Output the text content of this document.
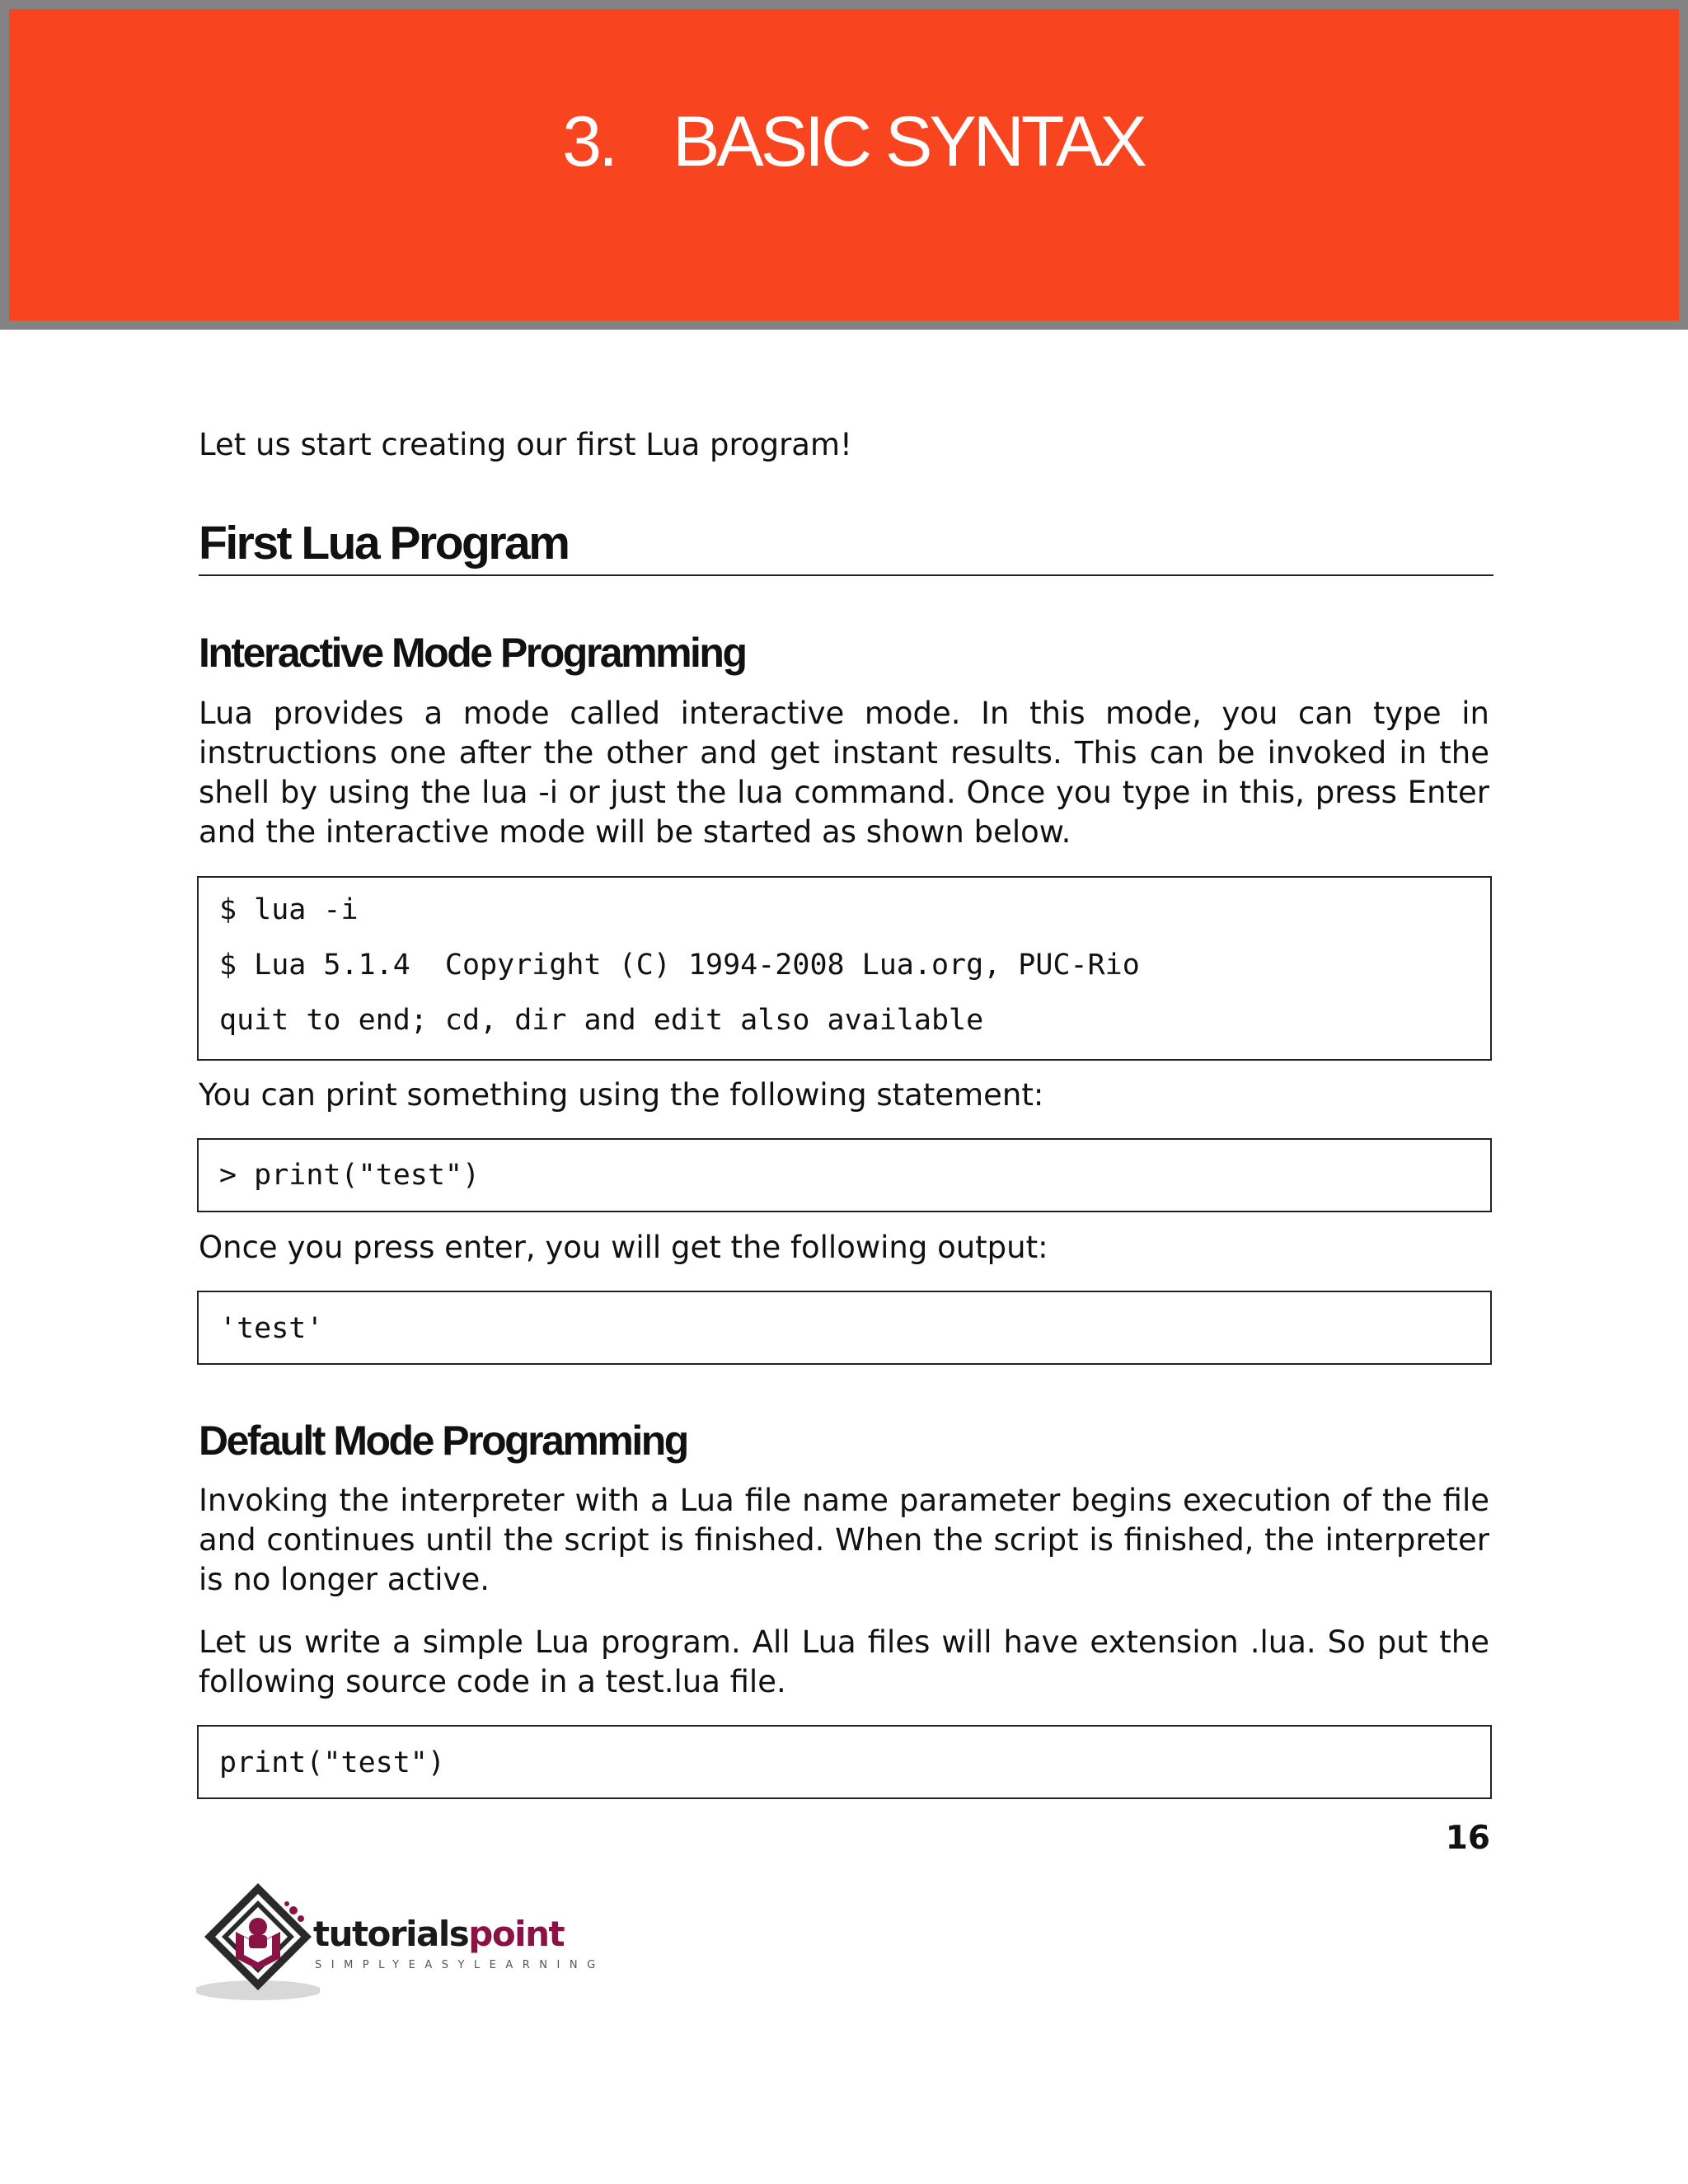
3. BASIC SYNTAX

Let us start creating our first Lua program!

First Lua Program
Interactive Mode Programming

Lua provides a mode called interactive mode. In this mode, you can type in instructions one after the other and get instant results. This can be invoked in the shell by using the lua -i or just the lua command. Once you type in this, press Enter and the interactive mode will be started as shown below.

$ lua -i
$ Lua 5.1.4  Copyright (C) 1994-2008 Lua.org, PUC-Rio
quit to end; cd, dir and edit also available

You can print something using the following statement:

> print("test")

Once you press enter, you will get the following output:

'test'
Default Mode Programming

Invoking the interpreter with a Lua file name parameter begins execution of the file and continues until the script is finished. When the script is finished, the interpreter is no longer active.

Let us write a simple Lua program. All Lua files will have extension .lua. So put the following source code in a test.lua file.

print("test")
16
tutorialspoint
SIMPLYEASYLEARNING
